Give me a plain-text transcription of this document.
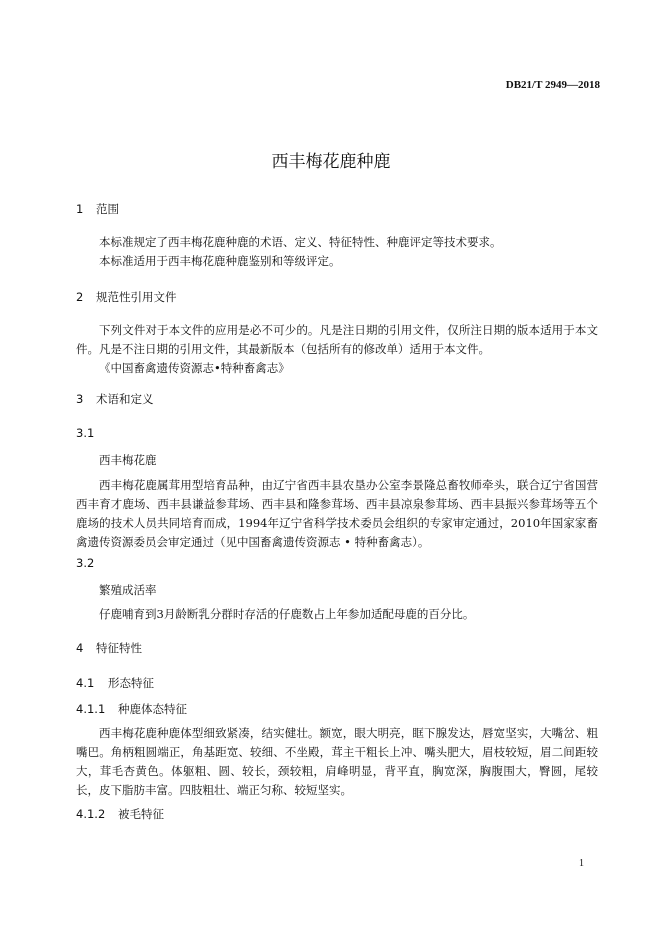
DB21/T 2949—2018
西丰梅花鹿种鹿
1 范围
本标准规定了西丰梅花鹿种鹿的术语、定义、特征特性、种鹿评定等技术要求。
本标准适用于西丰梅花鹿种鹿鉴别和等级评定。
2 规范性引用文件
下列文件对于本文件的应用是必不可少的。凡是注日期的引用文件，仅所注日期的版本适用于本文件。凡是不注日期的引用文件，其最新版本（包括所有的修改单）适用于本文件。
《中国畜禽遗传资源志•特种畜禽志》
3 术语和定义
3.1
西丰梅花鹿
西丰梅花鹿属茸用型培育品种，由辽宁省西丰县农垦办公室李景隆总畜牧师牵头，联合辽宁省国营西丰育才鹿场、西丰县谦益参茸场、西丰县和隆参茸场、西丰县凉泉参茸场、西丰县振兴参茸场等五个鹿场的技术人员共同培育而成，1994年辽宁省科学技术委员会组织的专家审定通过，2010年国家家畜禽遗传资源委员会审定通过（见中国畜禽遗传资源志 • 特种畜禽志）。
3.2
繁殖成活率
仔鹿哺育到3月龄断乳分群时存活的仔鹿数占上年参加适配母鹿的百分比。
4 特征特性
4.1 形态特征
4.1.1 种鹿体态特征
西丰梅花鹿种鹿体型细致紧凑，结实健壮。额宽，眼大明亮，眶下腺发达，唇宽坚实，大嘴岔、粗嘴巴。角柄粗圆端正，角基距宽、较细、不坐殿，茸主干粗长上冲、嘴头肥大，眉枝较短，眉二间距较大，茸毛杏黄色。体躯粗、圆、较长，颈较粗，肩峰明显，背平直，胸宽深，胸腹围大，臀圆，尾较长，皮下脂肪丰富。四肢粗壮、端正匀称、较短坚实。
4.1.2 被毛特征
1
